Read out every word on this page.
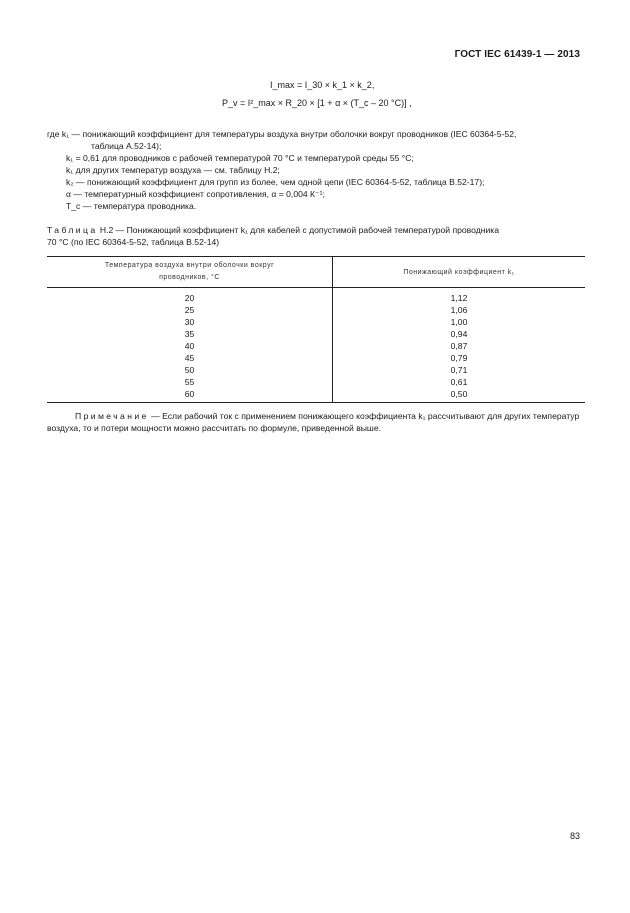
ГОСТ IEC 61439-1 — 2013
I_max = I_30 × k_1 × k_2,
P_v = I²_max × R_20 × [1 + α × (T_c – 20 °C)] ,
где k₁ — понижающий коэффициент для температуры воздуха внутри оболочки вокруг проводников (IEC 60364-5-52,
таблица A.52-14);
k₁ = 0,61 для проводников с рабочей температурой 70 °С и температурой среды 55 °С;
k₁ для других температур воздуха — см. таблицу Н.2;
k₂ — понижающий коэффициент для групп из более, чем одной цепи (IEC 60364-5-52, таблица В.52-17);
α — температурный коэффициент сопротивления, α = 0,004 К⁻¹;
T_c — температура проводника.
Таблица Н.2 — Понижающий коэффициент k₁ для кабелей с допустимой рабочей температурой проводника
70 °С (по IEC 60364-5-52, таблица В.52-14)
Температура воздуха внутри оболочки вокруг
проводников, °С	Понижающий коэффициент k₁
20	1,12
25	1,06
30	1,00
35	0,94
40	0,87
45	0,79
50	0,71
55	0,61
60	0,50
Примечание — Если рабочий ток с применением понижающего коэффициента k₁ рассчитывают для других температур воздуха, то и потери мощности можно рассчитать по формуле, приведенной выше.
83
